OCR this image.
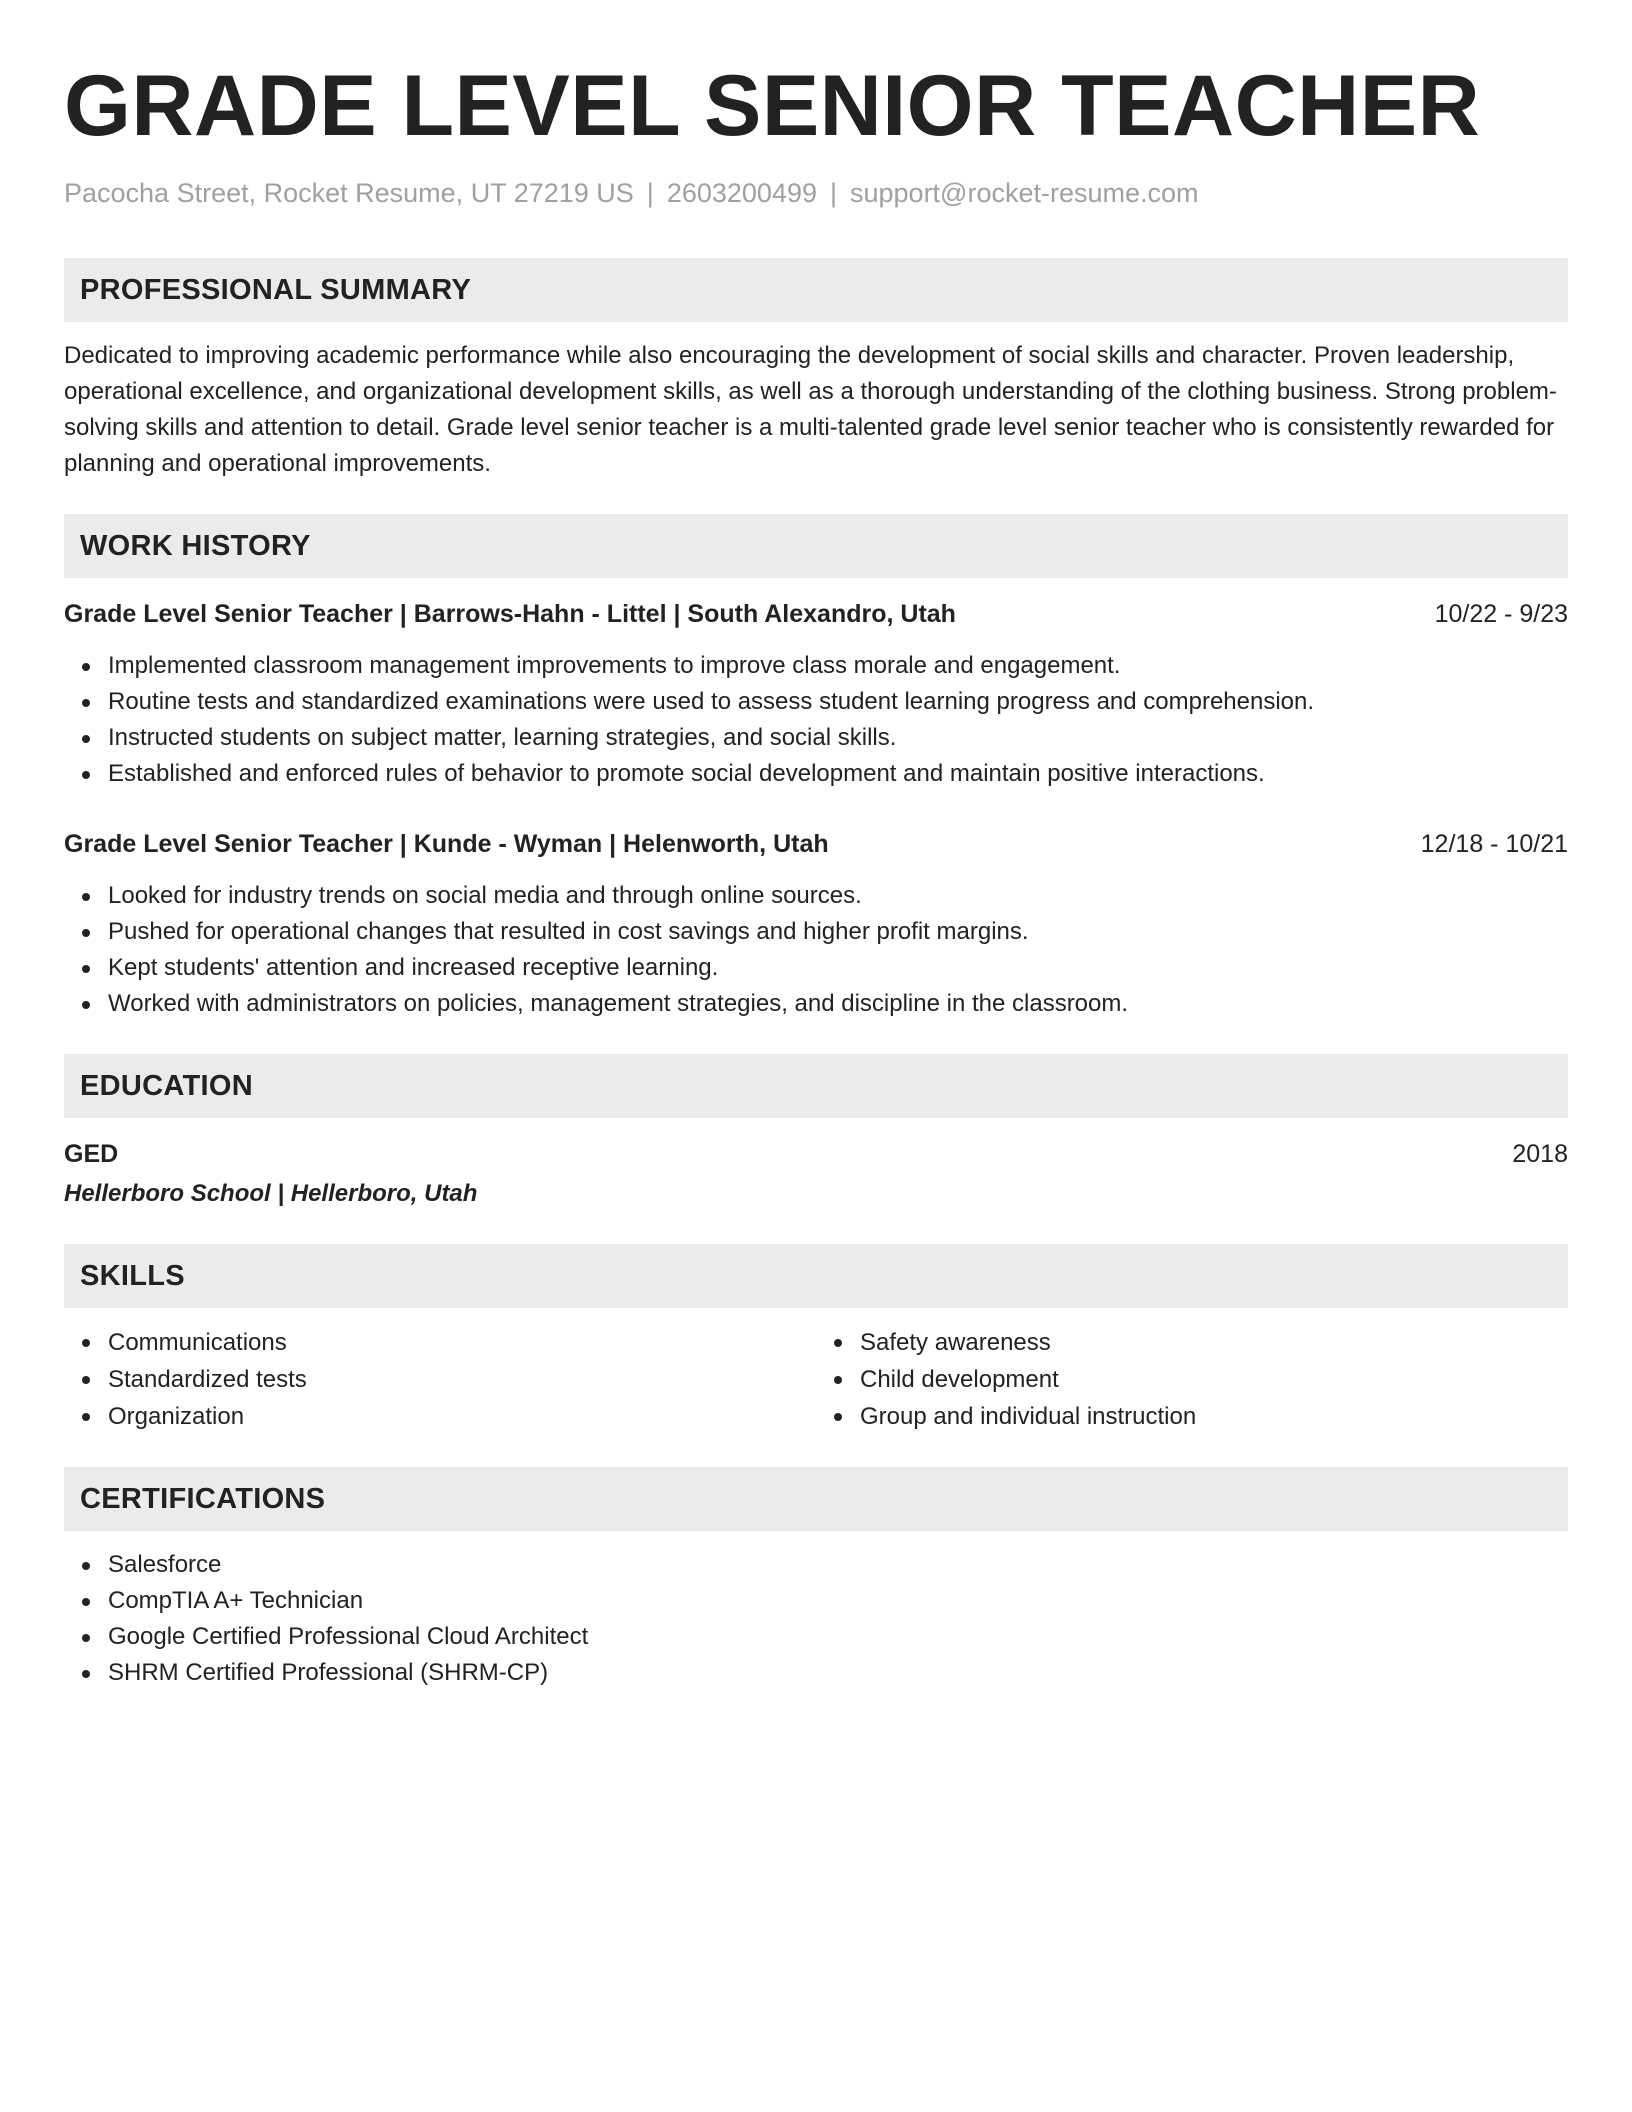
GRADE LEVEL SENIOR TEACHER
Pacocha Street, Rocket Resume, UT 27219 US | 2603200499 | support@rocket-resume.com
PROFESSIONAL SUMMARY

Dedicated to improving academic performance while also encouraging the development of social skills and character. Proven leadership, operational excellence, and organizational development skills, as well as a thorough understanding of the clothing business. Strong problem-solving skills and attention to detail. Grade level senior teacher is a multi-talented grade level senior teacher who is consistently rewarded for planning and operational improvements.

WORK HISTORY
Grade Level Senior Teacher | Barrows-Hahn - Littel | South Alexandro, Utah	10/22 - 9/23
Implemented classroom management improvements to improve class morale and engagement.
Routine tests and standardized examinations were used to assess student learning progress and comprehension.
Instructed students on subject matter, learning strategies, and social skills.
Established and enforced rules of behavior to promote social development and maintain positive interactions.
Grade Level Senior Teacher | Kunde - Wyman | Helenworth, Utah	12/18 - 10/21
Looked for industry trends on social media and through online sources.
Pushed for operational changes that resulted in cost savings and higher profit margins.
Kept students' attention and increased receptive learning.
Worked with administrators on policies, management strategies, and discipline in the classroom.
EDUCATION
GED	2018
Hellerboro School | Hellerboro, Utah
SKILLS
Communications
Standardized tests
Organization
Safety awareness
Child development
Group and individual instruction
CERTIFICATIONS
Salesforce
CompTIA A+ Technician
Google Certified Professional Cloud Architect
SHRM Certified Professional (SHRM-CP)
